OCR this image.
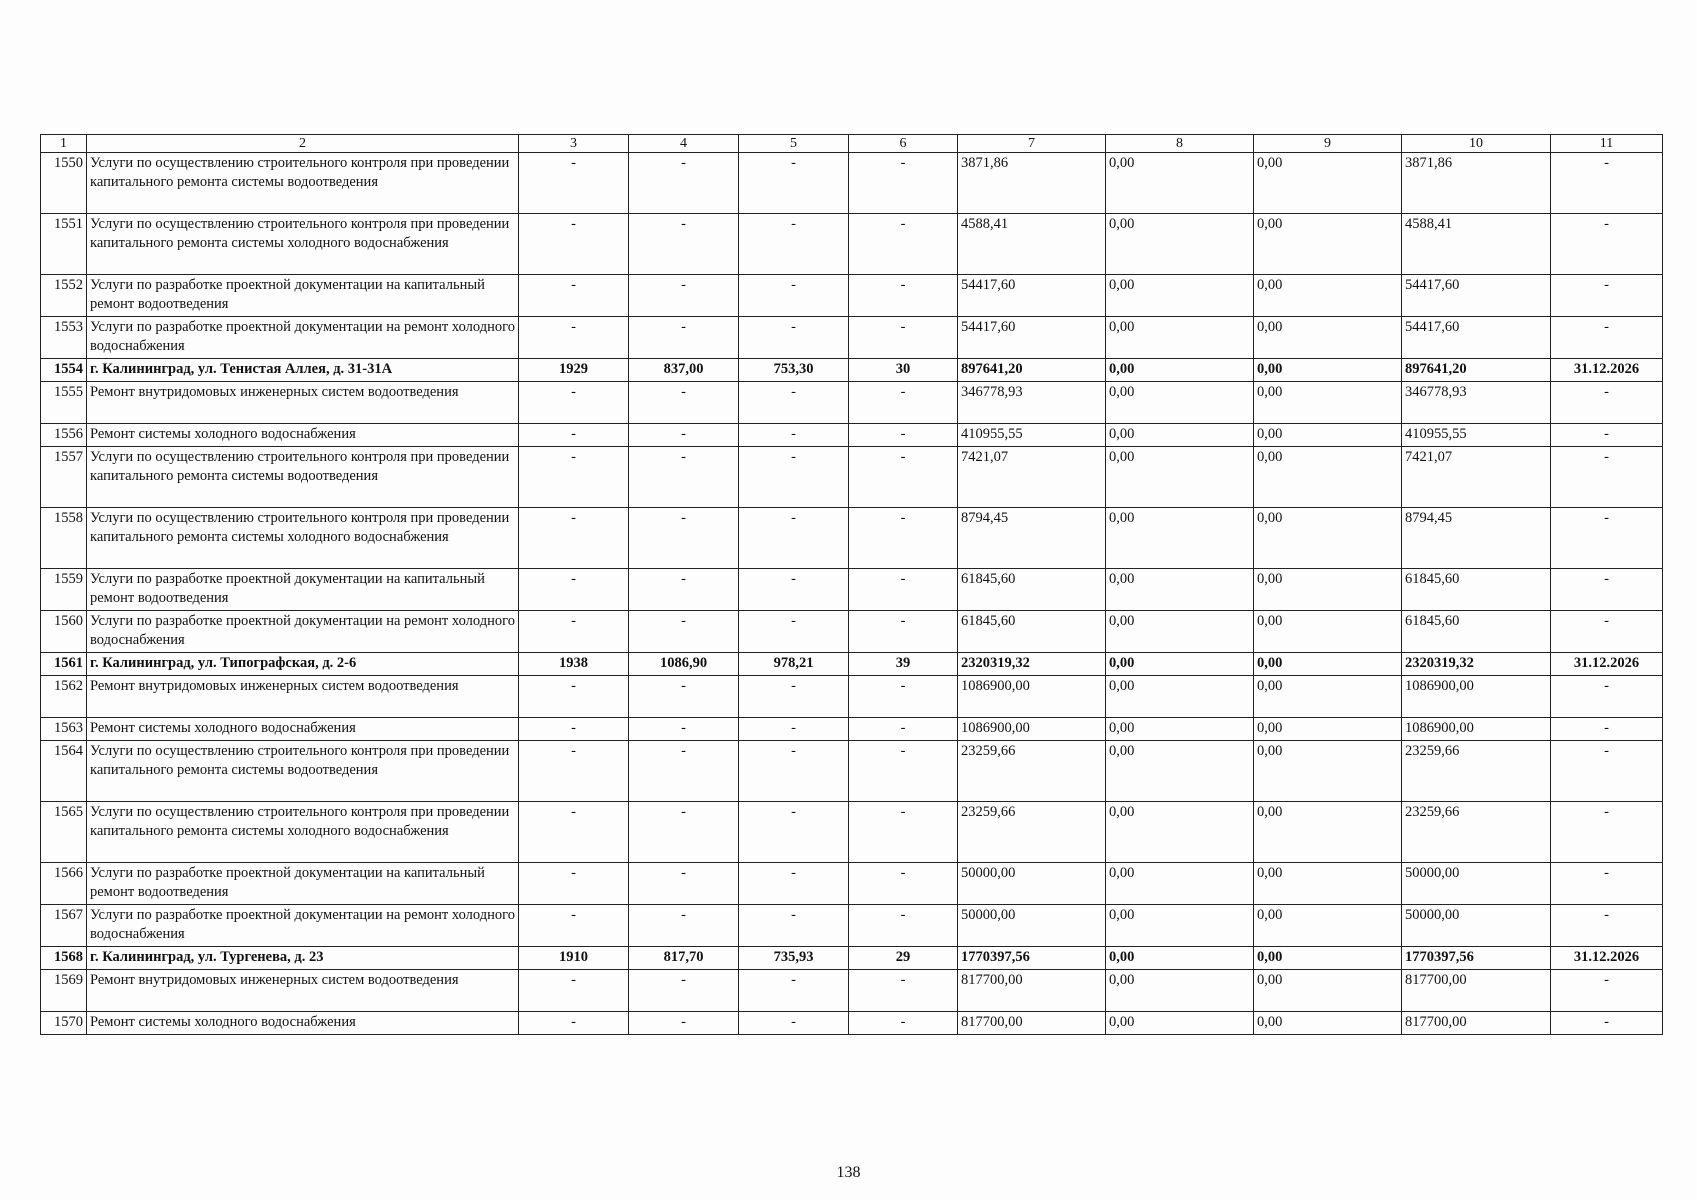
1	2	3	4	5	6	7	8	9	10	11
1550	Услуги по осуществлению строительного контроля при проведении капитального ремонта системы водоотведения	-	-	-	-	3871,86	0,00	0,00	3871,86	-
1551	Услуги по осуществлению строительного контроля при проведении капитального ремонта системы холодного водоснабжения	-	-	-	-	4588,41	0,00	0,00	4588,41	-
1552	Услуги по разработке проектной документации на капитальный ремонт водоотведения	-	-	-	-	54417,60	0,00	0,00	54417,60	-
1553	Услуги по разработке проектной документации на ремонт холодного водоснабжения	-	-	-	-	54417,60	0,00	0,00	54417,60	-
1554	г. Калининград, ул. Тенистая Аллея, д. 31-31А	1929	837,00	753,30	30	897641,20	0,00	0,00	897641,20	31.12.2026
1555	Ремонт внутридомовых инженерных систем водоотведения	-	-	-	-	346778,93	0,00	0,00	346778,93	-
1556	Ремонт системы холодного водоснабжения	-	-	-	-	410955,55	0,00	0,00	410955,55	-
1557	Услуги по осуществлению строительного контроля при проведении капитального ремонта системы водоотведения	-	-	-	-	7421,07	0,00	0,00	7421,07	-
1558	Услуги по осуществлению строительного контроля при проведении капитального ремонта системы холодного водоснабжения	-	-	-	-	8794,45	0,00	0,00	8794,45	-
1559	Услуги по разработке проектной документации на капитальный ремонт водоотведения	-	-	-	-	61845,60	0,00	0,00	61845,60	-
1560	Услуги по разработке проектной документации на ремонт холодного водоснабжения	-	-	-	-	61845,60	0,00	0,00	61845,60	-
1561	г. Калининград, ул. Типографская, д. 2-6	1938	1086,90	978,21	39	2320319,32	0,00	0,00	2320319,32	31.12.2026
1562	Ремонт внутридомовых инженерных систем водоотведения	-	-	-	-	1086900,00	0,00	0,00	1086900,00	-
1563	Ремонт системы холодного водоснабжения	-	-	-	-	1086900,00	0,00	0,00	1086900,00	-
1564	Услуги по осуществлению строительного контроля при проведении капитального ремонта системы водоотведения	-	-	-	-	23259,66	0,00	0,00	23259,66	-
1565	Услуги по осуществлению строительного контроля при проведении капитального ремонта системы холодного водоснабжения	-	-	-	-	23259,66	0,00	0,00	23259,66	-
1566	Услуги по разработке проектной документации на капитальный ремонт водоотведения	-	-	-	-	50000,00	0,00	0,00	50000,00	-
1567	Услуги по разработке проектной документации на ремонт холодного водоснабжения	-	-	-	-	50000,00	0,00	0,00	50000,00	-
1568	г. Калининград, ул. Тургенева, д. 23	1910	817,70	735,93	29	1770397,56	0,00	0,00	1770397,56	31.12.2026
1569	Ремонт внутридомовых инженерных систем водоотведения	-	-	-	-	817700,00	0,00	0,00	817700,00	-
1570	Ремонт системы холодного водоснабжения	-	-	-	-	817700,00	0,00	0,00	817700,00	-
138
